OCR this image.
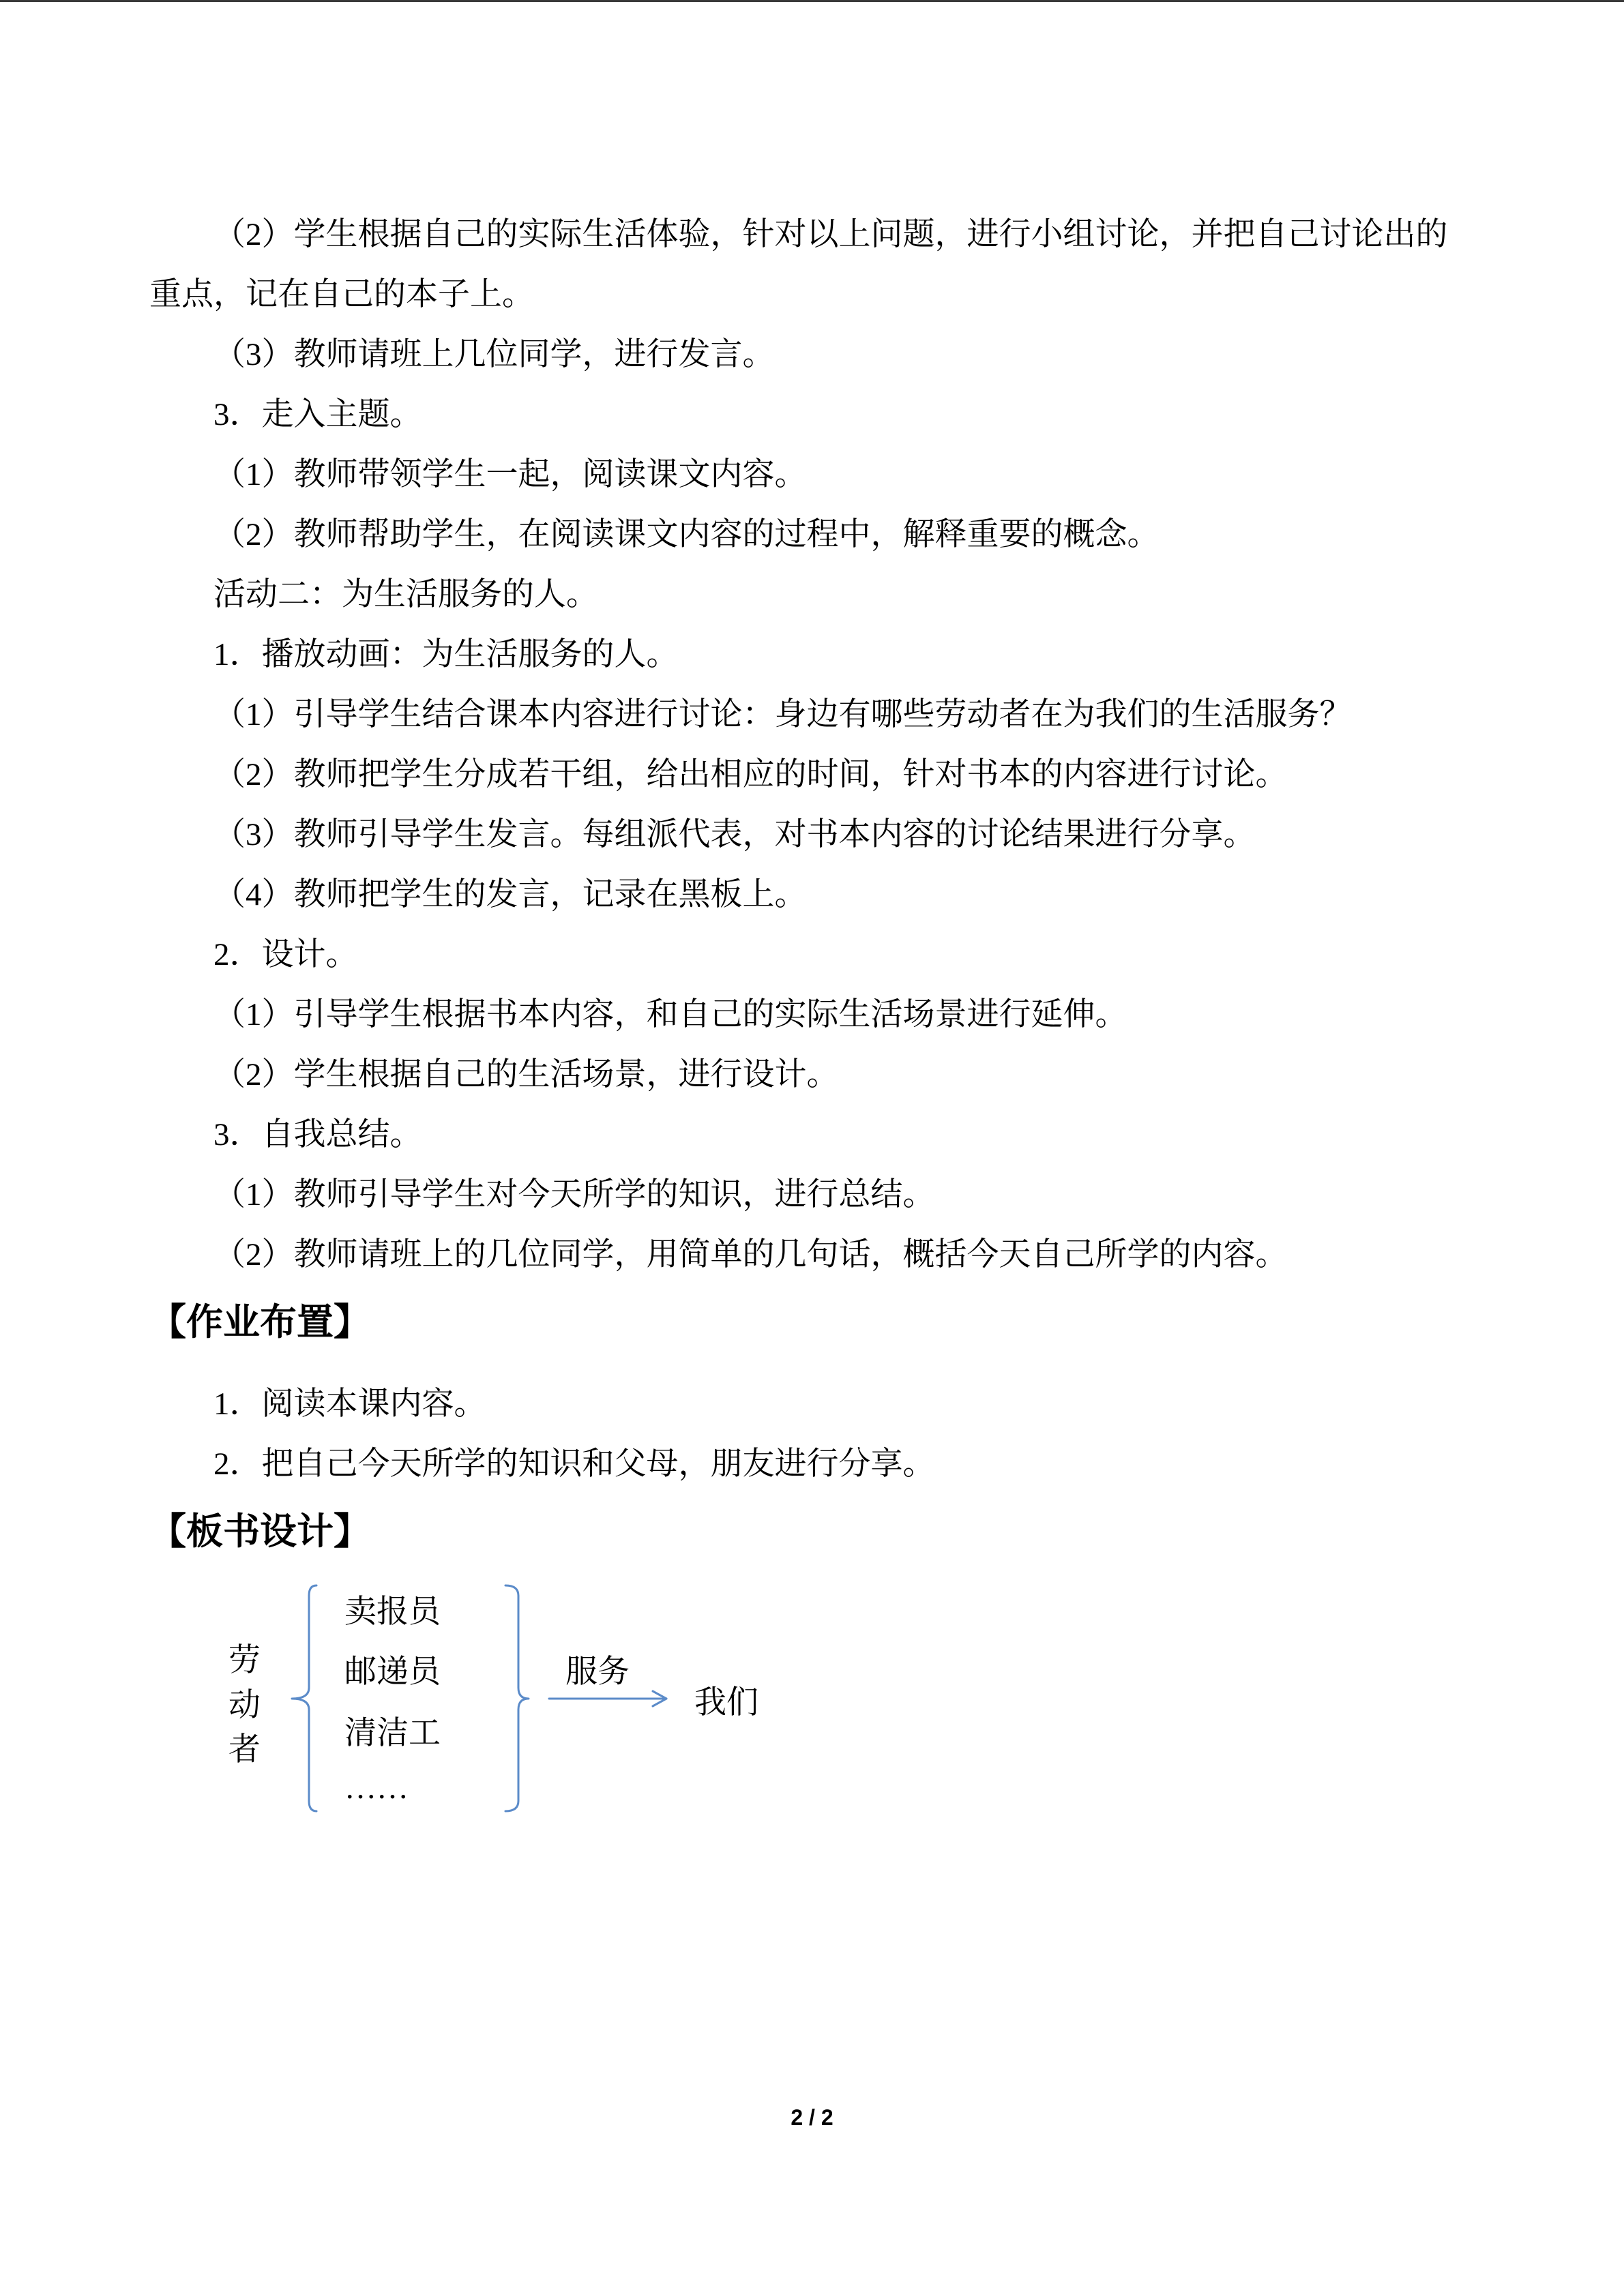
（2）学生根据自己的实际生活体验，针对以上问题，进行小组讨论，并把自己讨论出的
重点，记在自己的本子上。
（3）教师请班上几位同学，进行发言。
3．走入主题。
（1）教师带领学生一起，阅读课文内容。
（2）教师帮助学生，在阅读课文内容的过程中，解释重要的概念。
活动二：为生活服务的人。
1．播放动画：为生活服务的人。
（1）引导学生结合课本内容进行讨论：身边有哪些劳动者在为我们的生活服务？
（2）教师把学生分成若干组，给出相应的时间，针对书本的内容进行讨论。
（3）教师引导学生发言。每组派代表，对书本内容的讨论结果进行分享。
（4）教师把学生的发言，记录在黑板上。
2．设计。
（1）引导学生根据书本内容，和自己的实际生活场景进行延伸。
（2）学生根据自己的生活场景，进行设计。
3．自我总结。
（1）教师引导学生对今天所学的知识，进行总结。
（2）教师请班上的几位同学，用简单的几句话，概括今天自己所学的内容。
【作业布置】
1．阅读本课内容。
2．把自己今天所学的知识和父母，朋友进行分享。
【板书设计】
劳
动
者
卖报员
邮递员
清洁工
……
服务
我们
2 / 2
